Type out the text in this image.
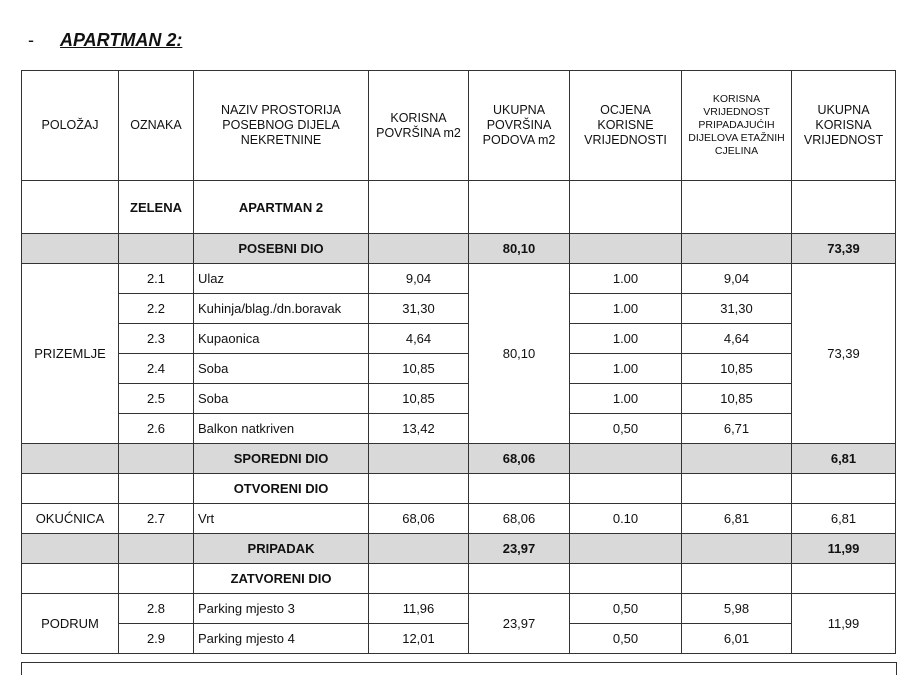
- APARTMAN 2:
POLOŽAJ	OZNAKA	NAZIV PROSTORIJA POSEBNOG DIJELA NEKRETNINE	KORISNA POVRŠINA m2	UKUPNA POVRŠINA PODOVA m2	OCJENA KORISNE VRIJEDNOSTI	KORISNA VRIJEDNOST PRIPADAJUĆIH DIJELOVA ETAŽNIH CJELINA	UKUPNA KORISNA VRIJEDNOST
	ZELENA	APARTMAN 2					
		POSEBNI DIO		80,10			73,39
PRIZEMLJE	2.1	Ulaz	9,04	80,10	1.00	9,04	73,39
	2.2	Kuhinja/blag./dn.boravak	31,30		1.00	31,30	
	2.3	Kupaonica	4,64		1.00	4,64	
	2.4	Soba	10,85		1.00	10,85	
	2.5	Soba	10,85		1.00	10,85	
	2.6	Balkon natkriven	13,42		0,50	6,71	
		SPOREDNI DIO		68,06			6,81
		OTVORENI DIO					
OKUĆNICA	2.7	Vrt	68,06	68,06	0.10	6,81	6,81
		PRIPADAK		23,97			11,99
		ZATVORENI DIO					
PODRUM	2.8	Parking mjesto 3	11,96	23,97	0,50	5,98	11,99
	2.9	Parking mjesto 4	12,01		0,50	6,01	
